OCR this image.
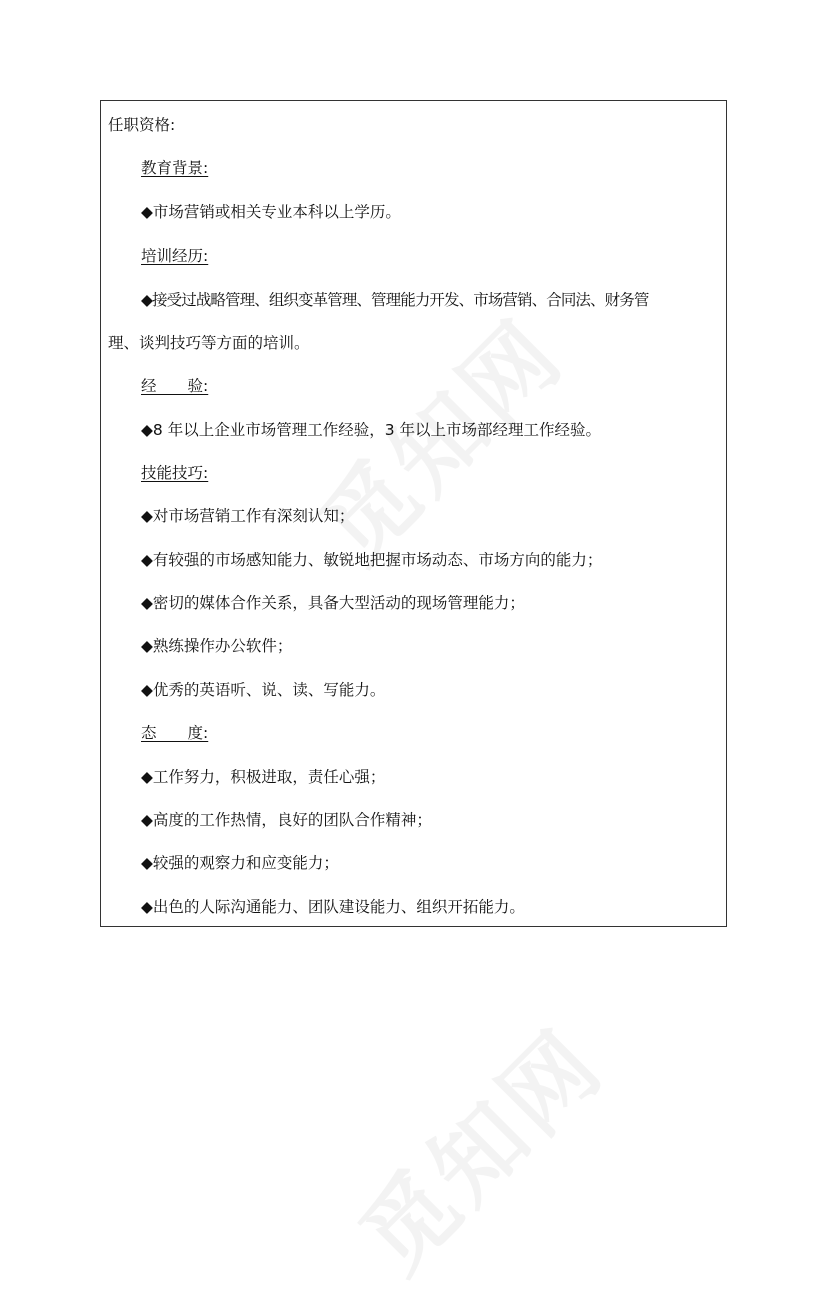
任职资格:
教育背景:
◆市场营销或相关专业本科以上学历。
培训经历:
◆接受过战略管理、组织变革管理、管理能力开发、市场营销、合同法、财务管
理、谈判技巧等方面的培训。
经　　验:
◆8 年以上企业市场管理工作经验，3 年以上市场部经理工作经验。
技能技巧:
◆对市场营销工作有深刻认知；
◆有较强的市场感知能力、敏锐地把握市场动态、市场方向的能力；
◆密切的媒体合作关系，具备大型活动的现场管理能力；
◆熟练操作办公软件；
◆优秀的英语听、说、读、写能力。
态　　度:
◆工作努力，积极进取，责任心强；
◆高度的工作热情，良好的团队合作精神；
◆较强的观察力和应变能力；
◆出色的人际沟通能力、团队建设能力、组织开拓能力。
